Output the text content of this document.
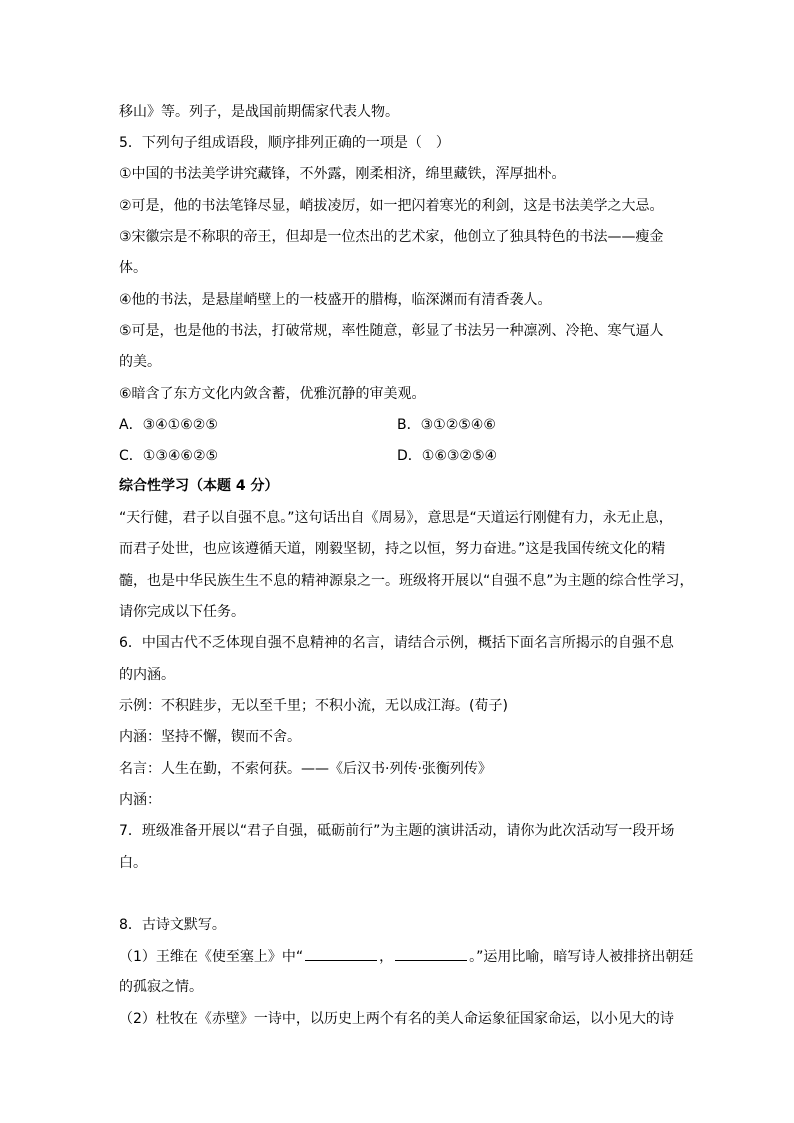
移山》等。列子，是战国前期儒家代表人物。

5．下列句子组成语段，顺序排列正确的一项是（　）

①中国的书法美学讲究藏锋，不外露，刚柔相济，绵里藏铁，浑厚拙朴。

②可是，他的书法笔锋尽显，峭拔凌厉，如一把闪着寒光的利剑，这是书法美学之大忌。

③宋徽宗是不称职的帝王，但却是一位杰出的艺术家，他创立了独具特色的书法——瘦金

体。

④他的书法，是悬崖峭壁上的一枝盛开的腊梅，临深渊而有清香袭人。

⑤可是，也是他的书法，打破常规，率性随意，彰显了书法另一种凛冽、冷艳、寒气逼人

的美。

⑥暗含了东方文化内敛含蓄，优雅沉静的审美观。

A．③④①⑥②⑤	B．③①②⑤④⑥

C．①③④⑥②⑤	D．①⑥③②⑤④

综合性学习（本题 4 分）

“天行健，君子以自强不息。”这句话出自《周易》，意思是“天道运行刚健有力，永无止息，

而君子处世，也应该遵循天道，刚毅坚韧，持之以恒，努力奋进。”这是我国传统文化的精

髓，也是中华民族生生不息的精神源泉之一。班级将开展以“自强不息”为主题的综合性学习，

请你完成以下任务。

6．中国古代不乏体现自强不息精神的名言，请结合示例，概括下面名言所揭示的自强不息

的内涵。

示例：不积跬步，无以至千里；不积小流，无以成江海。(荀子)

内涵：坚持不懈，锲而不舍。

名言：人生在勤，不索何获。——《后汉书·列传·张衡列传》

内涵：

7．班级准备开展以“君子自强，砥砺前行”为主题的演讲活动，请你为此次活动写一段开场

白。

8．古诗文默写。

（1）王维在《使至塞上》中“	，	。”运用比喻，暗写诗人被排挤出朝廷

的孤寂之情。

（2）杜牧在《赤壁》一诗中，以历史上两个有名的美人命运象征国家命运，以小见大的诗
